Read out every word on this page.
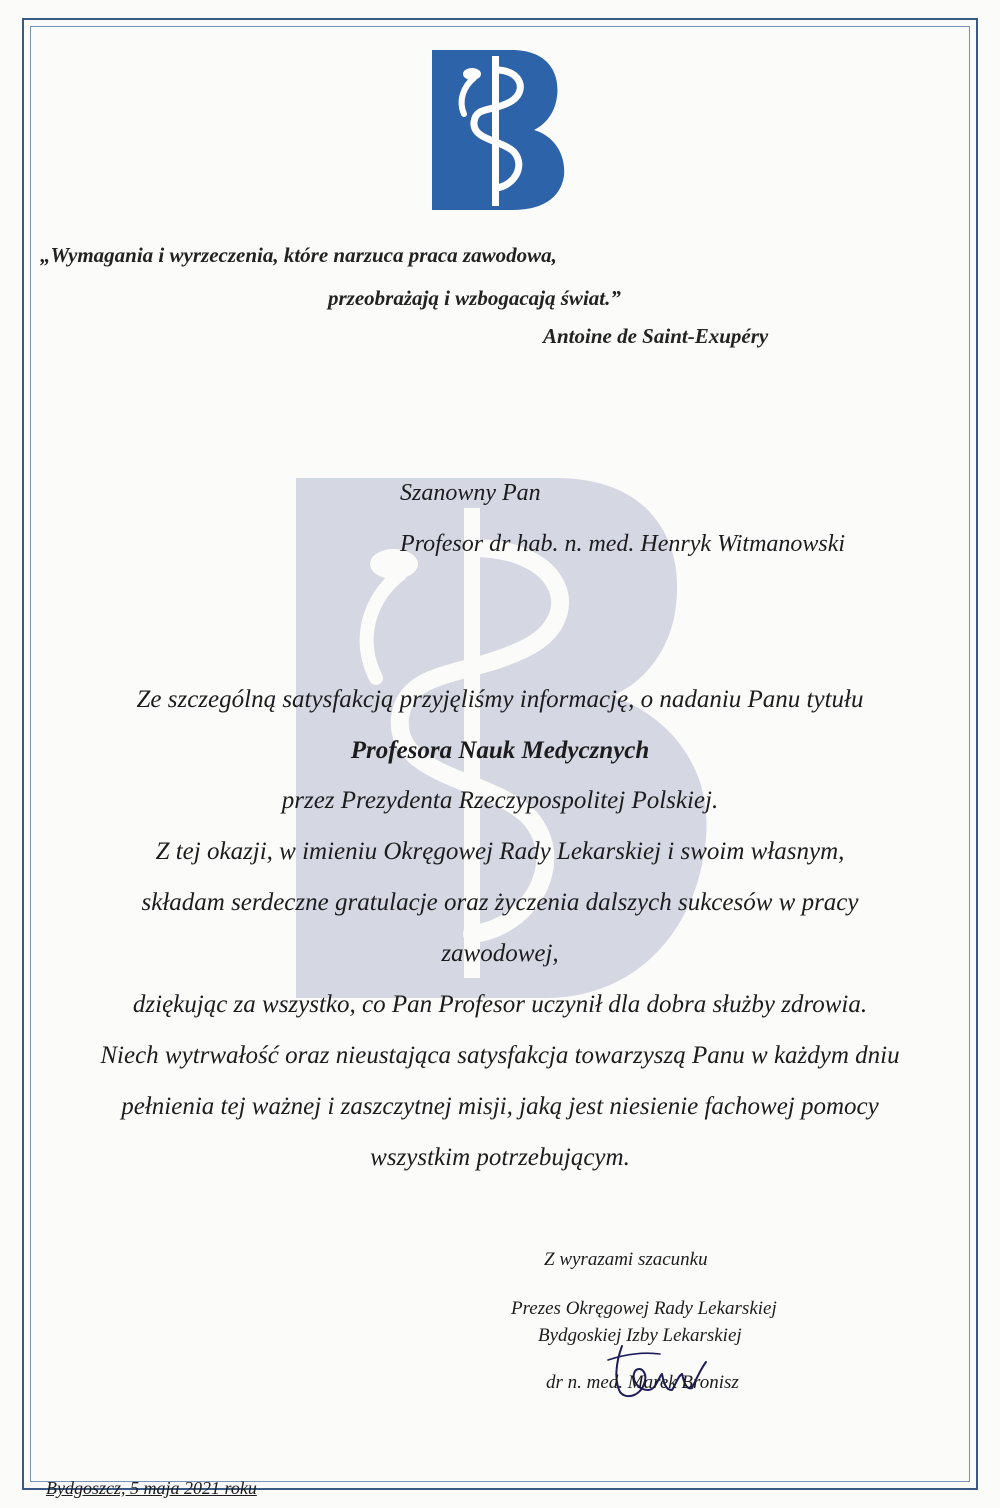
„Wymagania i wyrzeczenia, które narzuca praca zawodowa,
przeobrażają i wzbogacają świat.”
Antoine de Saint-Exupéry
Szanowny Pan
Profesor dr hab. n. med. Henryk Witmanowski
Ze szczególną satysfakcją przyjęliśmy informację, o nadaniu Panu tytułu
Profesora Nauk Medycznych
przez Prezydenta Rzeczypospolitej Polskiej.
Z tej okazji, w imieniu Okręgowej Rady Lekarskiej i swoim własnym,
składam serdeczne gratulacje oraz życzenia dalszych sukcesów w pracy
zawodowej,
dziękując za wszystko, co Pan Profesor uczynił dla dobra służby zdrowia.
Niech wytrwałość oraz nieustająca satysfakcja towarzyszą Panu w każdym dniu
pełnienia tej ważnej i zaszczytnej misji, jaką jest niesienie fachowej pomocy
wszystkim potrzebującym.
Z wyrazami szacunku
Prezes Okręgowej Rady Lekarskiej
Bydgoskiej Izby Lekarskiej
dr n. med. Marek Bronisz
Bydgoszcz, 5 maja 2021 roku
